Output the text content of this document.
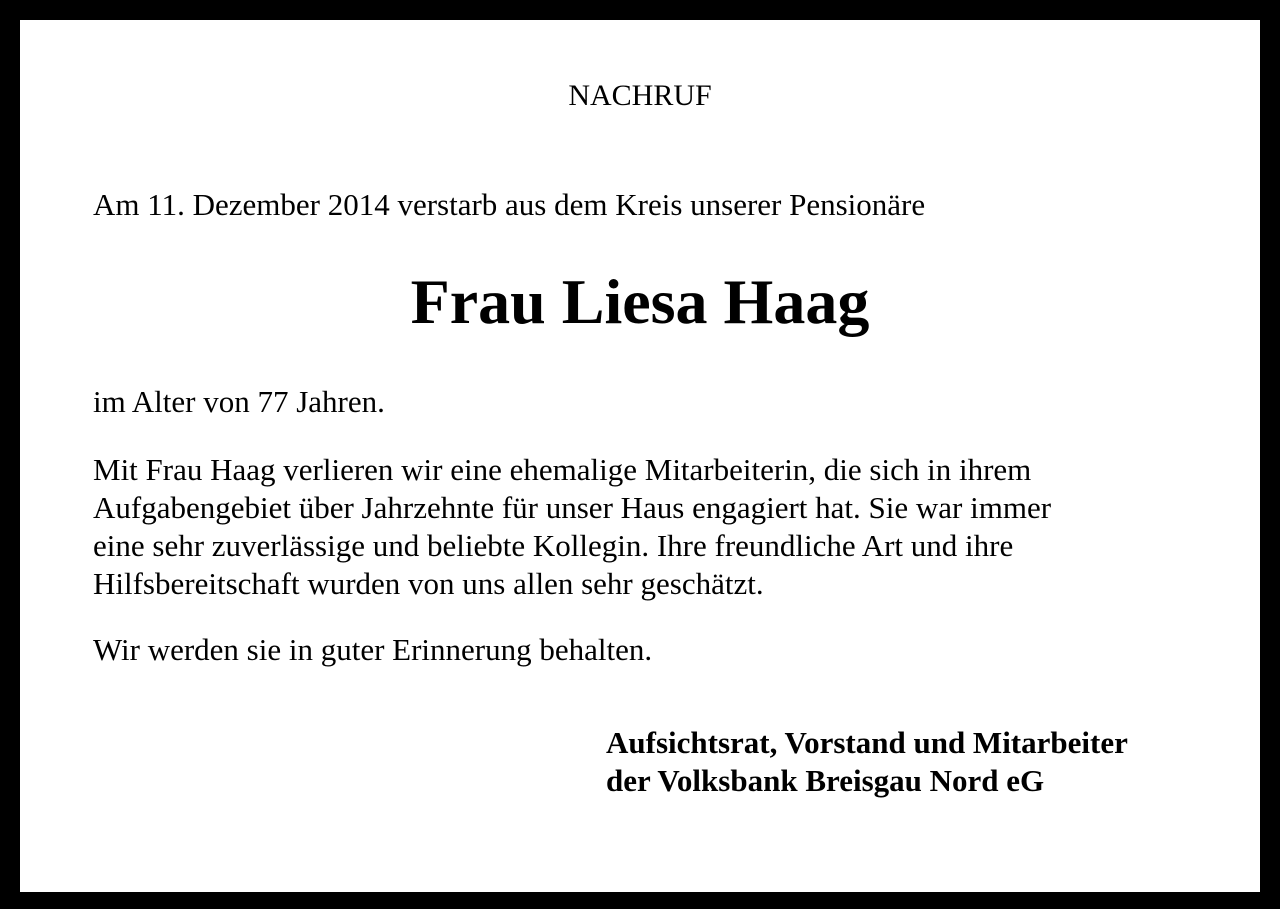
NACHRUF
Am 11. Dezember 2014 verstarb aus dem Kreis unserer Pensionäre
Frau Liesa Haag
im Alter von 77 Jahren.
Mit Frau Haag verlieren wir eine ehemalige Mitarbeiterin, die sich in ihrem
Aufgabengebiet über Jahrzehnte für unser Haus engagiert hat. Sie war immer
eine sehr zuverlässige und beliebte Kollegin. Ihre freundliche Art und ihre
Hilfsbereitschaft wurden von uns allen sehr geschätzt.
Wir werden sie in guter Erinnerung behalten.
Aufsichtsrat, Vorstand und Mitarbeiter
der Volksbank Breisgau Nord eG
